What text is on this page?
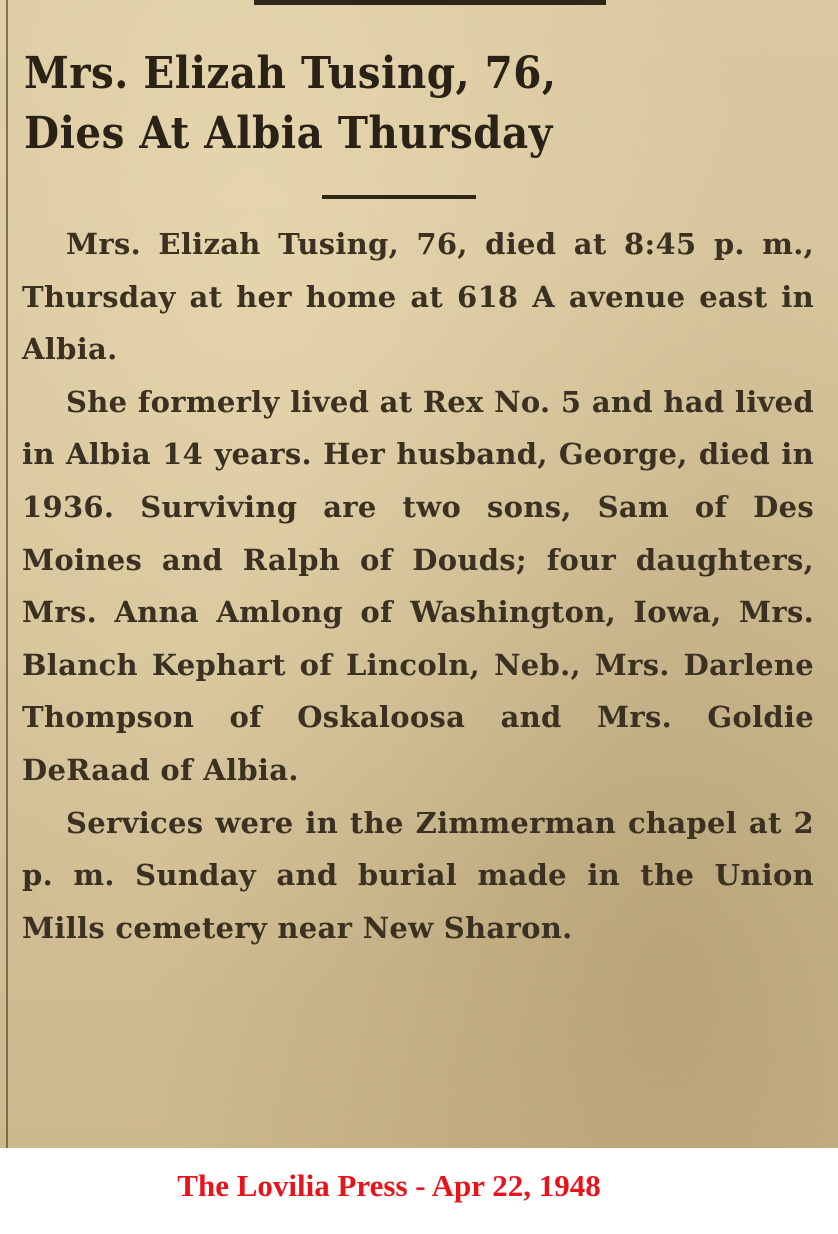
Mrs. Elizah Tusing, 76,
Dies At Albia Thursday

Mrs. Elizah Tusing, 76, died at 8:45 p. m., Thursday at her home at 618 A avenue east in Albia.

She formerly lived at Rex No. 5 and had lived in Albia 14 years. Her husband, George, died in 1936. Surviving are two sons, Sam of Des Moines and Ralph of Douds; four daughters, Mrs. Anna Amlong of Washington, Iowa, Mrs. Blanch Kephart of Lincoln, Neb., Mrs. Darlene Thompson of Oskaloosa and Mrs. Goldie DeRaad of Albia.

Services were in the Zimmerman chapel at 2 p. m. Sunday and burial made in the Union Mills cemetery near New Sharon.

The Lovilia Press - Apr 22, 1948
